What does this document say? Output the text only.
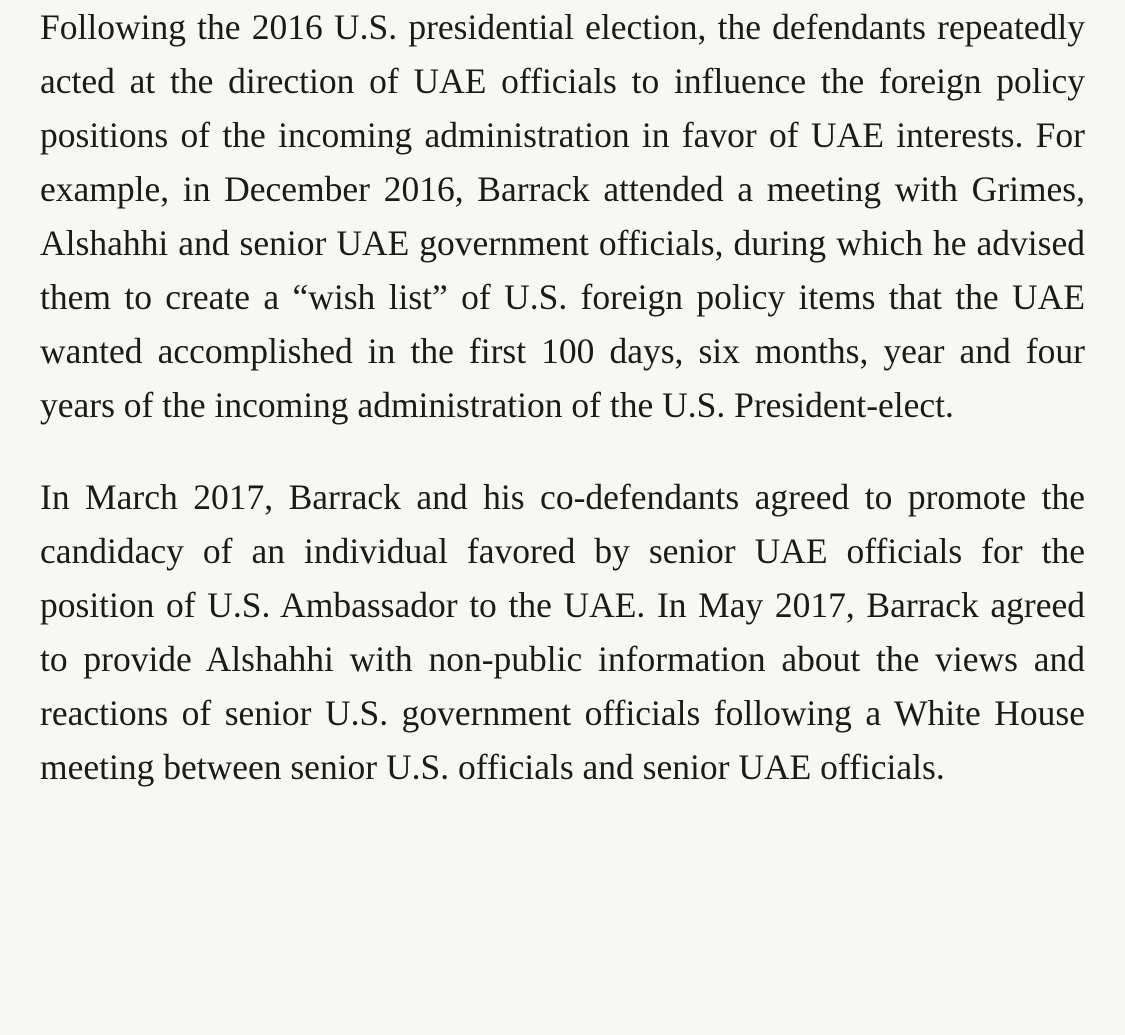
Following the 2016 U.S. presidential election, the defendants repeatedly acted at the direction of UAE officials to influence the foreign policy positions of the incoming administration in favor of UAE interests. For example, in December 2016, Barrack attended a meeting with Grimes, Alshahhi and senior UAE government officials, during which he advised them to create a “wish list” of U.S. foreign policy items that the UAE wanted accomplished in the first 100 days, six months, year and four years of the incoming administration of the U.S. President-elect.

In March 2017, Barrack and his co-defendants agreed to promote the candidacy of an individual favored by senior UAE officials for the position of U.S. Ambassador to the UAE. In May 2017, Barrack agreed to provide Alshahhi with non-public information about the views and reactions of senior U.S. government officials following a White House meeting between senior U.S. officials and senior UAE officials.
